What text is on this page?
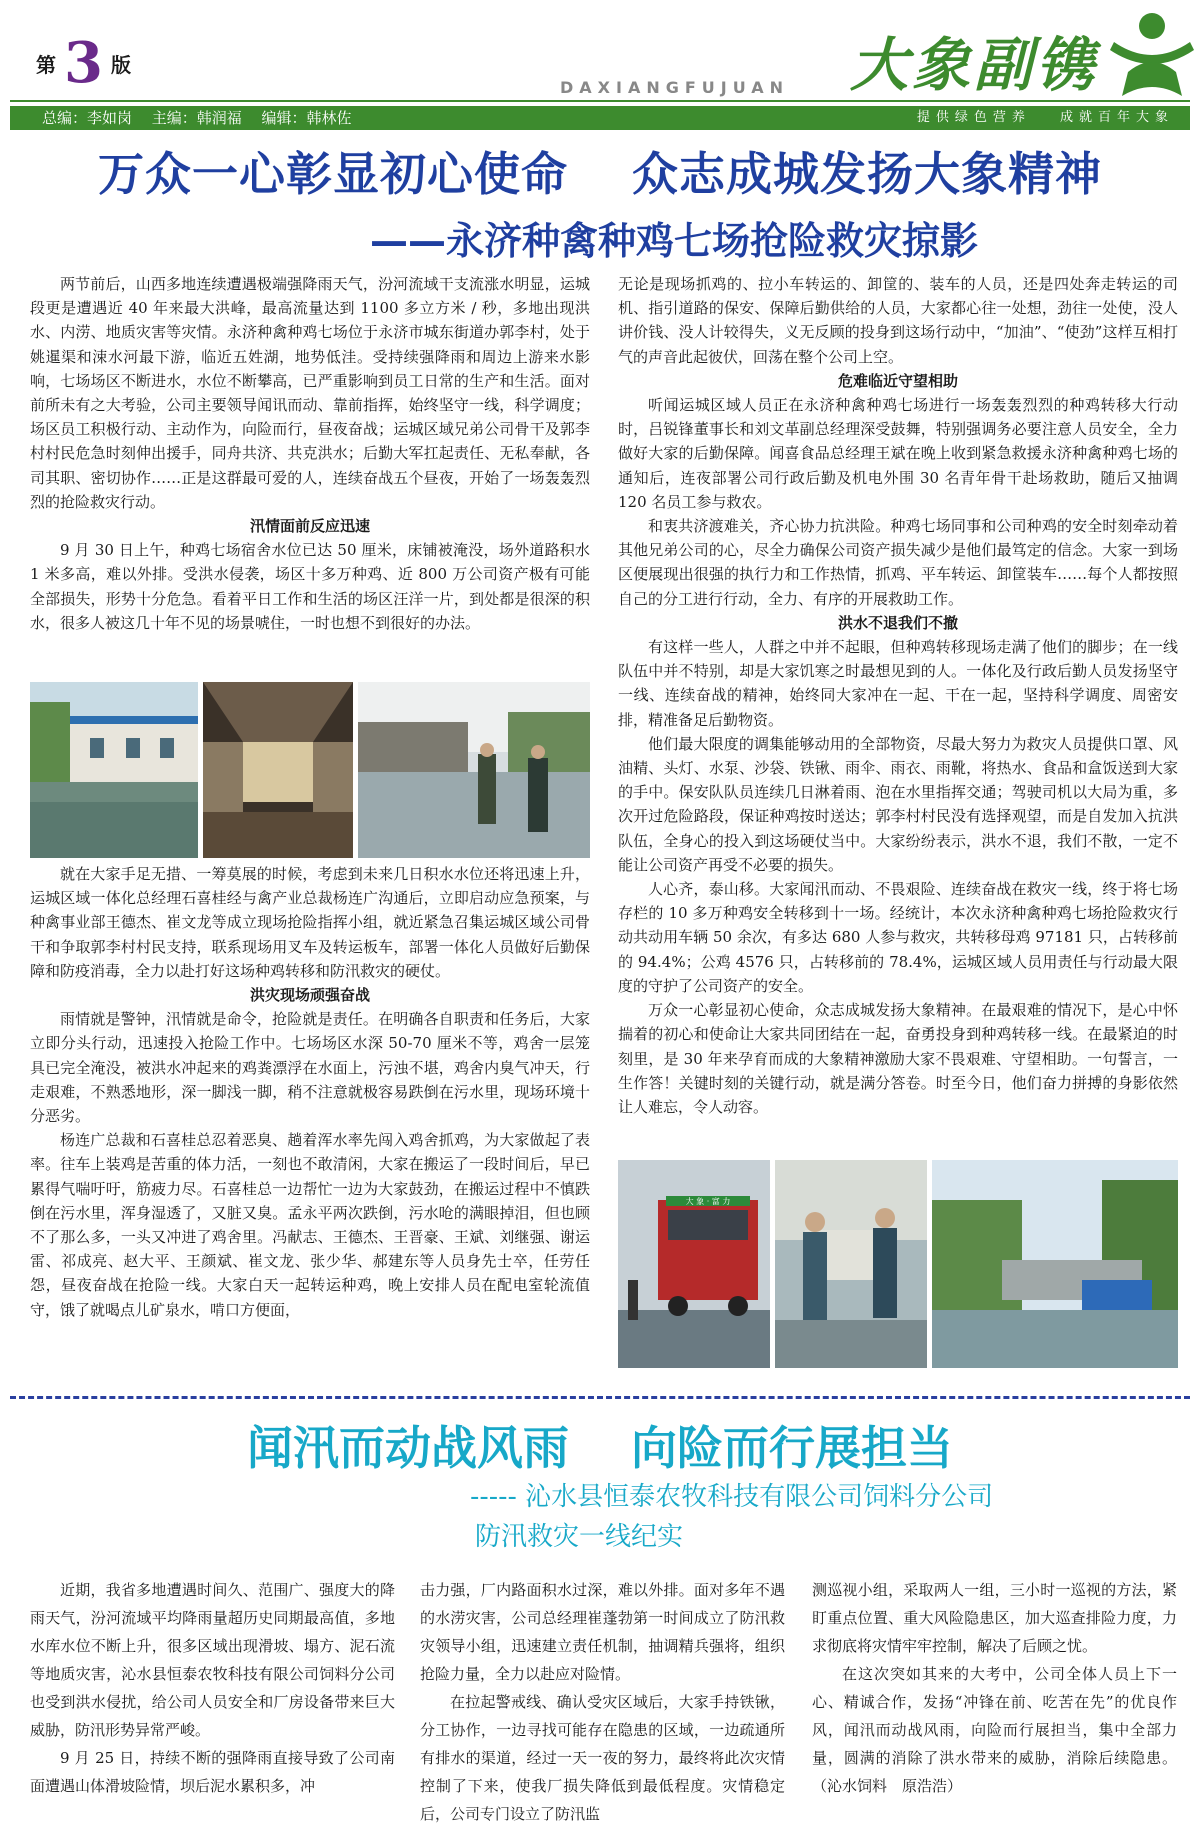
第 3 版
DAXIANGFUJUAN 大象副镌
总编：李如岗　 主编：韩润福　 编辑：韩林佐	提供绿色营养　 成就百年大象
万众一心彰显初心使命　 众志成城发扬大象精神
——永济种禽种鸡七场抢险救灾掠影

两节前后，山西多地连续遭遇极端强降雨天气，汾河流域干支流涨水明显，运城段更是遭遇近 40 年来最大洪峰，最高流量达到 1100 多立方米 / 秒，多地出现洪水、内涝、地质灾害等灾情。永济种禽种鸡七场位于永济市城东街道办郭李村，处于姚暹渠和涑水河最下游，临近五姓湖，地势低洼。受持续强降雨和周边上游来水影响，七场场区不断进水，水位不断攀高，已严重影响到员工日常的生产和生活。面对前所未有之大考验，公司主要领导闻讯而动、靠前指挥，始终坚守一线，科学调度；场区员工积极行动、主动作为，向险而行，昼夜奋战；运城区域兄弟公司骨干及郭李村村民危急时刻伸出援手，同舟共济、共克洪水；后勤大军扛起责任、无私奉献，各司其职、密切协作……正是这群最可爱的人，连续奋战五个昼夜，开始了一场轰轰烈烈的抢险救灾行动。

汛情面前反应迅速

9 月 30 日上午，种鸡七场宿舍水位已达 50 厘米，床铺被淹没，场外道路积水 1 米多高，难以外排。受洪水侵袭，场区十多万种鸡、近 800 万公司资产极有可能全部损失，形势十分危急。看着平日工作和生活的场区汪洋一片，到处都是很深的积水，很多人被这几十年不见的场景唬住，一时也想不到很好的办法。

就在大家手足无措、一筹莫展的时候，考虑到未来几日积水水位还将迅速上升，运城区域一体化总经理石喜桂经与禽产业总裁杨连广沟通后，立即启动应急预案，与种禽事业部王德杰、崔文龙等成立现场抢险指挥小组，就近紧急召集运城区域公司骨干和争取郭李村村民支持，联系现场用叉车及转运板车，部署一体化人员做好后勤保障和防疫消毒，全力以赴打好这场种鸡转移和防汛救灾的硬仗。

洪灾现场顽强奋战

雨情就是警钟，汛情就是命令，抢险就是责任。在明确各自职责和任务后，大家立即分头行动，迅速投入抢险工作中。七场场区水深 50-70 厘米不等，鸡舍一层笼具已完全淹没，被洪水冲起来的鸡粪漂浮在水面上，污浊不堪，鸡舍内臭气冲天，行走艰难，不熟悉地形，深一脚浅一脚，稍不注意就极容易跌倒在污水里，现场环境十分恶劣。

杨连广总裁和石喜桂总忍着恶臭、趟着浑水率先闯入鸡舍抓鸡，为大家做起了表率。往车上装鸡是苦重的体力活，一刻也不敢清闲，大家在搬运了一段时间后，早已累得气喘吁吁，筋疲力尽。石喜桂总一边帮忙一边为大家鼓劲，在搬运过程中不慎跌倒在污水里，浑身湿透了，又脏又臭。孟永平两次跌倒，污水呛的满眼掉泪，但也顾不了那么多，一头又冲进了鸡舍里。冯献志、王德杰、王晋豪、王斌、刘继强、谢运雷、祁成亮、赵大平、王颜斌、崔文龙、张少华、郝建东等人员身先士卒，任劳任怨，昼夜奋战在抢险一线。大家白天一起转运种鸡，晚上安排人员在配电室轮流值守，饿了就喝点儿矿泉水，啃口方便面，

无论是现场抓鸡的、拉小车转运的、卸筐的、装车的人员，还是四处奔走转运的司机、指引道路的保安、保障后勤供给的人员，大家都心往一处想，劲往一处使，没人讲价钱、没人计较得失，义无反顾的投身到这场行动中，“加油”、“使劲”这样互相打气的声音此起彼伏，回荡在整个公司上空。

危难临近守望相助

听闻运城区域人员正在永济种禽种鸡七场进行一场轰轰烈烈的种鸡转移大行动时，吕锐锋董事长和刘文革副总经理深受鼓舞，特别强调务必要注意人员安全，全力做好大家的后勤保障。闻喜食品总经理王斌在晚上收到紧急救援永济种禽种鸡七场的通知后，连夜部署公司行政后勤及机电外围 30 名青年骨干赴场救助，随后又抽调 120 名员工参与救农。

和衷共济渡难关，齐心协力抗洪险。种鸡七场同事和公司种鸡的安全时刻牵动着其他兄弟公司的心，尽全力确保公司资产损失减少是他们最笃定的信念。大家一到场区便展现出很强的执行力和工作热情，抓鸡、平车转运、卸筐装车……每个人都按照自己的分工进行行动，全力、有序的开展救助工作。

洪水不退我们不撤

有这样一些人，人群之中并不起眼，但种鸡转移现场走满了他们的脚步；在一线队伍中并不特别，却是大家饥寒之时最想见到的人。一体化及行政后勤人员发扬坚守一线、连续奋战的精神，始终同大家冲在一起、干在一起，坚持科学调度、周密安排，精准备足后勤物资。

他们最大限度的调集能够动用的全部物资，尽最大努力为救灾人员提供口罩、风油精、头灯、水泵、沙袋、铁锹、雨伞、雨衣、雨靴，将热水、食品和盒饭送到大家的手中。保安队队员连续几日淋着雨、泡在水里指挥交通；驾驶司机以大局为重，多次开过危险路段，保证种鸡按时送达；郭李村村民没有选择观望，而是自发加入抗洪队伍，全身心的投入到这场硬仗当中。大家纷纷表示，洪水不退，我们不散，一定不能让公司资产再受不必要的损失。

人心齐，泰山移。大家闻汛而动、不畏艰险、连续奋战在救灾一线，终于将七场存栏的 10 多万种鸡安全转移到十一场。经统计，本次永济种禽种鸡七场抢险救灾行动共动用车辆 50 余次，有多达 680 人参与救灾，共转移母鸡 97181 只，占转移前的 94.4%；公鸡 4576 只，占转移前的 78.4%，运城区域人员用责任与行动最大限度的守护了公司资产的安全。

万众一心彰显初心使命，众志成城发扬大象精神。在最艰难的情况下，是心中怀揣着的初心和使命让大家共同团结在一起，奋勇投身到种鸡转移一线。在最紧迫的时刻里，是 30 年来孕育而成的大象精神激励大家不畏艰难、守望相助。一句誓言，一生作答！关键时刻的关键行动，就是满分答卷。时至今日，他们奋力拼搏的身影依然让人难忘，令人动容。

大 象 · 富 力
闻汛而动战风雨　 向险而行展担当
----- 沁水县恒泰农牧科技有限公司饲料分公司
防汛救灾一线纪实

近期，我省多地遭遇时间久、范围广、强度大的降雨天气，汾河流域平均降雨量超历史同期最高值，多地水库水位不断上升，很多区域出现滑坡、塌方、泥石流等地质灾害，沁水县恒泰农牧科技有限公司饲料分公司也受到洪水侵扰，给公司人员安全和厂房设备带来巨大威胁，防汛形势异常严峻。

9 月 25 日，持续不断的强降雨直接导致了公司南面遭遇山体滑坡险情，坝后泥水累积多，冲

击力强，厂内路面积水过深，难以外排。面对多年不遇的水涝灾害，公司总经理崔蓬勃第一时间成立了防汛救灾领导小组，迅速建立责任机制，抽调精兵强将，组织抢险力量，全力以赴应对险情。

在拉起警戒线、确认受灾区域后，大家手持铁锹，分工协作，一边寻找可能存在隐患的区域，一边疏通所有排水的渠道，经过一天一夜的努力，最终将此次灾情控制了下来，使我厂损失降低到最低程度。灾情稳定后，公司专门设立了防汛监

测巡视小组，采取两人一组，三小时一巡视的方法，紧盯重点位置、重大风险隐患区，加大巡查排险力度，力求彻底将灾情牢牢控制，解决了后顾之忧。

在这次突如其来的大考中，公司全体人员上下一心、精诚合作，发扬“冲锋在前、吃苦在先”的优良作风，闻汛而动战风雨，向险而行展担当，集中全部力量，圆满的消除了洪水带来的威胁，消除后续隐患。（沁水饲料　原浩浩）
